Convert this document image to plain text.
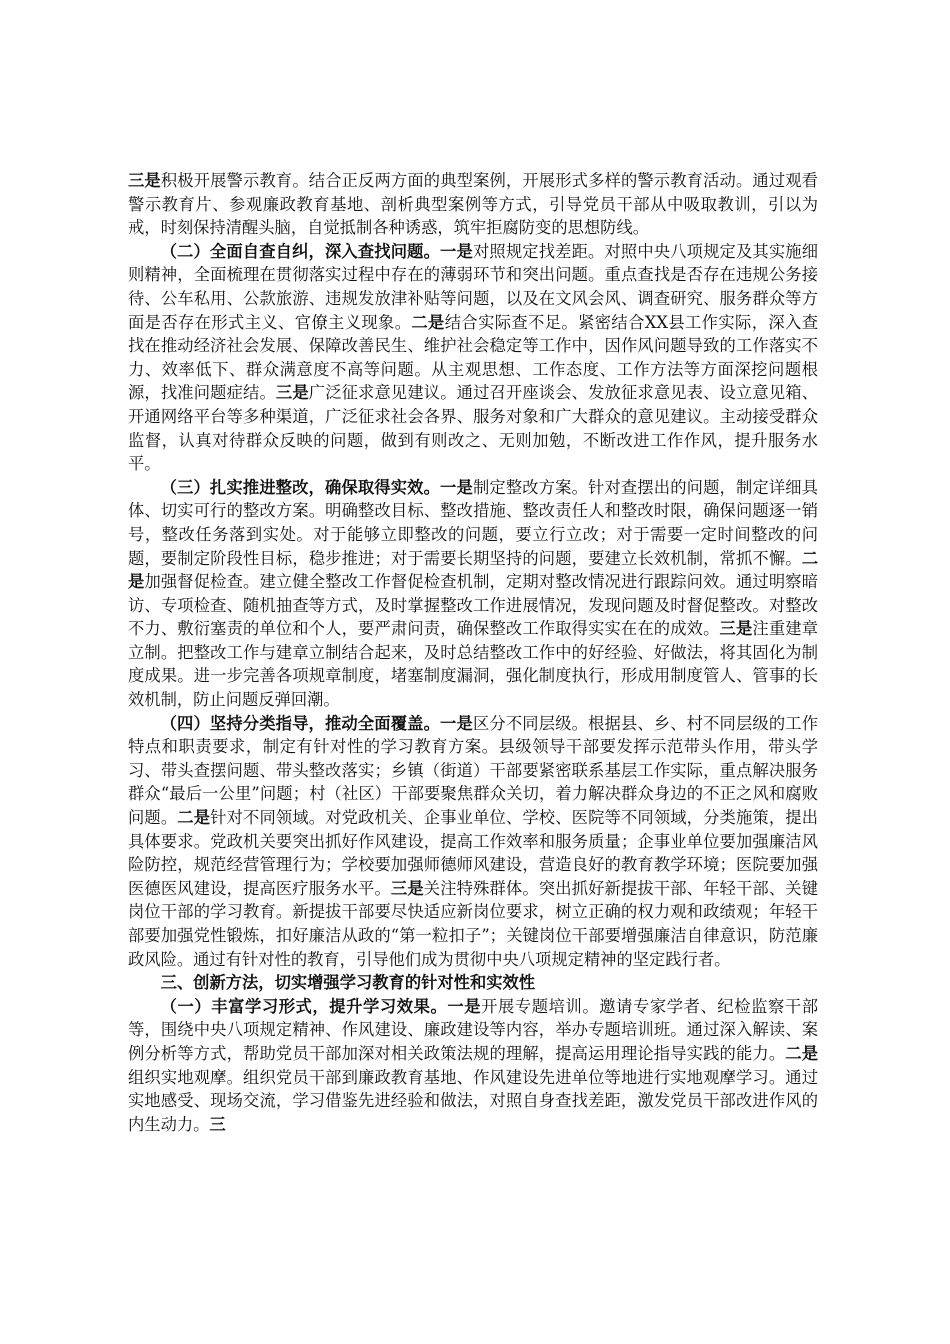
三是积极开展警示教育。结合正反两方面的典型案例，开展形式多样的警示教育活动。通过观看警示教育片、参观廉政教育基地、剖析典型案例等方式，引导党员干部从中吸取教训，引以为戒，时刻保持清醒头脑，自觉抵制各种诱惑，筑牢拒腐防变的思想防线。

（二）全面自查自纠，深入查找问题。一是对照规定找差距。对照中央八项规定及其实施细则精神，全面梳理在贯彻落实过程中存在的薄弱环节和突出问题。重点查找是否存在违规公务接待、公车私用、公款旅游、违规发放津补贴等问题，以及在文风会风、调查研究、服务群众等方面是否存在形式主义、官僚主义现象。二是结合实际查不足。紧密结合XX县工作实际，深入查找在推动经济社会发展、保障改善民生、维护社会稳定等工作中，因作风问题导致的工作落实不力、效率低下、群众满意度不高等问题。从主观思想、工作态度、工作方法等方面深挖问题根源，找准问题症结。三是广泛征求意见建议。通过召开座谈会、发放征求意见表、设立意见箱、开通网络平台等多种渠道，广泛征求社会各界、服务对象和广大群众的意见建议。主动接受群众监督，认真对待群众反映的问题，做到有则改之、无则加勉，不断改进工作作风，提升服务水平。

（三）扎实推进整改，确保取得实效。一是制定整改方案。针对查摆出的问题，制定详细具体、切实可行的整改方案。明确整改目标、整改措施、整改责任人和整改时限，确保问题逐一销号，整改任务落到实处。对于能够立即整改的问题，要立行立改；对于需要一定时间整改的问题，要制定阶段性目标，稳步推进；对于需要长期坚持的问题，要建立长效机制，常抓不懈。二是加强督促检查。建立健全整改工作督促检查机制，定期对整改情况进行跟踪问效。通过明察暗访、专项检查、随机抽查等方式，及时掌握整改工作进展情况，发现问题及时督促整改。对整改不力、敷衍塞责的单位和个人，要严肃问责，确保整改工作取得实实在在的成效。三是注重建章立制。把整改工作与建章立制结合起来，及时总结整改工作中的好经验、好做法，将其固化为制度成果。进一步完善各项规章制度，堵塞制度漏洞，强化制度执行，形成用制度管人、管事的长效机制，防止问题反弹回潮。

（四）坚持分类指导，推动全面覆盖。一是区分不同层级。根据县、乡、村不同层级的工作特点和职责要求，制定有针对性的学习教育方案。县级领导干部要发挥示范带头作用，带头学习、带头查摆问题、带头整改落实；乡镇（街道）干部要紧密联系基层工作实际，重点解决服务群众“最后一公里”问题；村（社区）干部要聚焦群众关切，着力解决群众身边的不正之风和腐败问题。二是针对不同领域。对党政机关、企事业单位、学校、医院等不同领域，分类施策，提出具体要求。党政机关要突出抓好作风建设，提高工作效率和服务质量；企事业单位要加强廉洁风险防控，规范经营管理行为；学校要加强师德师风建设，营造良好的教育教学环境；医院要加强医德医风建设，提高医疗服务水平。三是关注特殊群体。突出抓好新提拔干部、年轻干部、关键岗位干部的学习教育。新提拔干部要尽快适应新岗位要求，树立正确的权力观和政绩观；年轻干部要加强党性锻炼，扣好廉洁从政的“第一粒扣子”；关键岗位干部要增强廉洁自律意识，防范廉政风险。通过有针对性的教育，引导他们成为贯彻中央八项规定精神的坚定践行者。

三、创新方法，切实增强学习教育的针对性和实效性

（一）丰富学习形式，提升学习效果。一是开展专题培训。邀请专家学者、纪检监察干部等，围绕中央八项规定精神、作风建设、廉政建设等内容，举办专题培训班。通过深入解读、案例分析等方式，帮助党员干部加深对相关政策法规的理解，提高运用理论指导实践的能力。二是组织实地观摩。组织党员干部到廉政教育基地、作风建设先进单位等地进行实地观摩学习。通过实地感受、现场交流，学习借鉴先进经验和做法，对照自身查找差距，激发党员干部改进作风的内生动力。三
